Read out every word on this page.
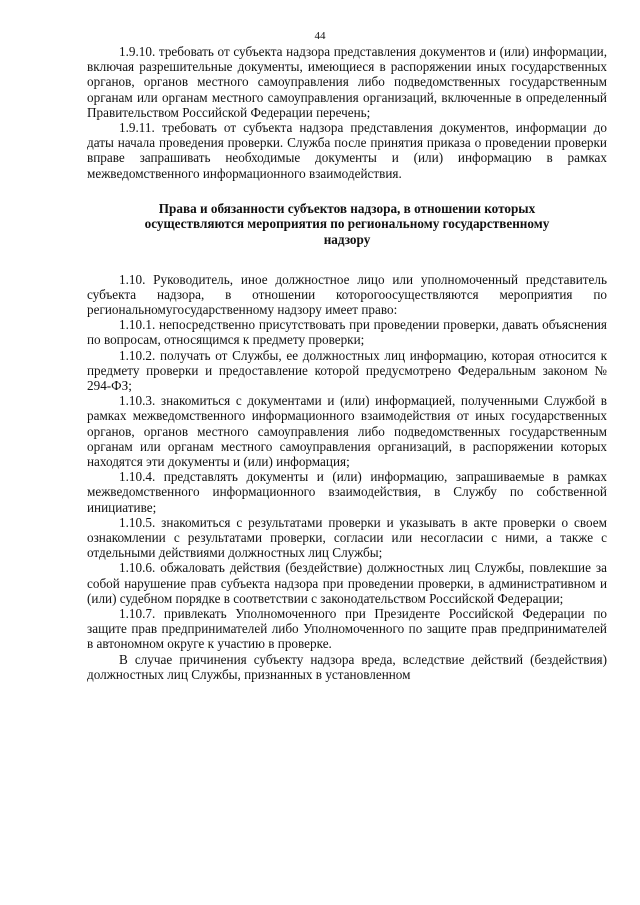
44

1.9.10. требовать от субъекта надзора представления документов и (или) информации, включая разрешительные документы, имеющиеся в распоряжении иных государственных органов, органов местного самоуправления либо подведомственных государственным органам или органам местного самоуправления организаций, включенные в определенный Правительством Российской Федерации перечень;

1.9.11. требовать от субъекта надзора представления документов, информации до даты начала проведения проверки. Служба после принятия приказа о проведении проверки вправе запрашивать необходимые документы и (или) информацию в рамках межведомственного информационного взаимодействия.

Права и обязанности субъектов надзора, в отношении которых осуществляются мероприятия по региональному государственному надзору

1.10. Руководитель, иное должностное лицо или уполномоченный представитель субъекта надзора, в отношении которогоосуществляются мероприятия по региональномугосударственному надзору имеет право:

1.10.1. непосредственно присутствовать при проведении проверки, давать объяснения по вопросам, относящимся к предмету проверки;

1.10.2. получать от Службы, ее должностных лиц информацию, которая относится к предмету проверки и предоставление которой предусмотрено Федеральным законом № 294-ФЗ;

1.10.3. знакомиться с документами и (или) информацией, полученными Службой в рамках межведомственного информационного взаимодействия от иных государственных органов, органов местного самоуправления либо подведомственных государственным органам или органам местного самоуправления организаций, в распоряжении которых находятся эти документы и (или) информация;

1.10.4. представлять документы и (или) информацию, запрашиваемые в рамках межведомственного информационного взаимодействия, в Службу по собственной инициативе;

1.10.5. знакомиться с результатами проверки и указывать в акте проверки о своем ознакомлении с результатами проверки, согласии или несогласии с ними, а также с отдельными действиями должностных лиц Службы;

1.10.6. обжаловать действия (бездействие) должностных лиц Службы, повлекшие за собой нарушение прав субъекта надзора при проведении проверки, в административном и (или) судебном порядке в соответствии с законодательством Российской Федерации;

1.10.7. привлекать Уполномоченного при Президенте Российской Федерации по защите прав предпринимателей либо Уполномоченного по защите прав предпринимателей в автономном округе к участию в проверке.

В случае причинения субъекту надзора вреда, вследствие действий (бездействия) должностных лиц Службы, признанных в установленном
